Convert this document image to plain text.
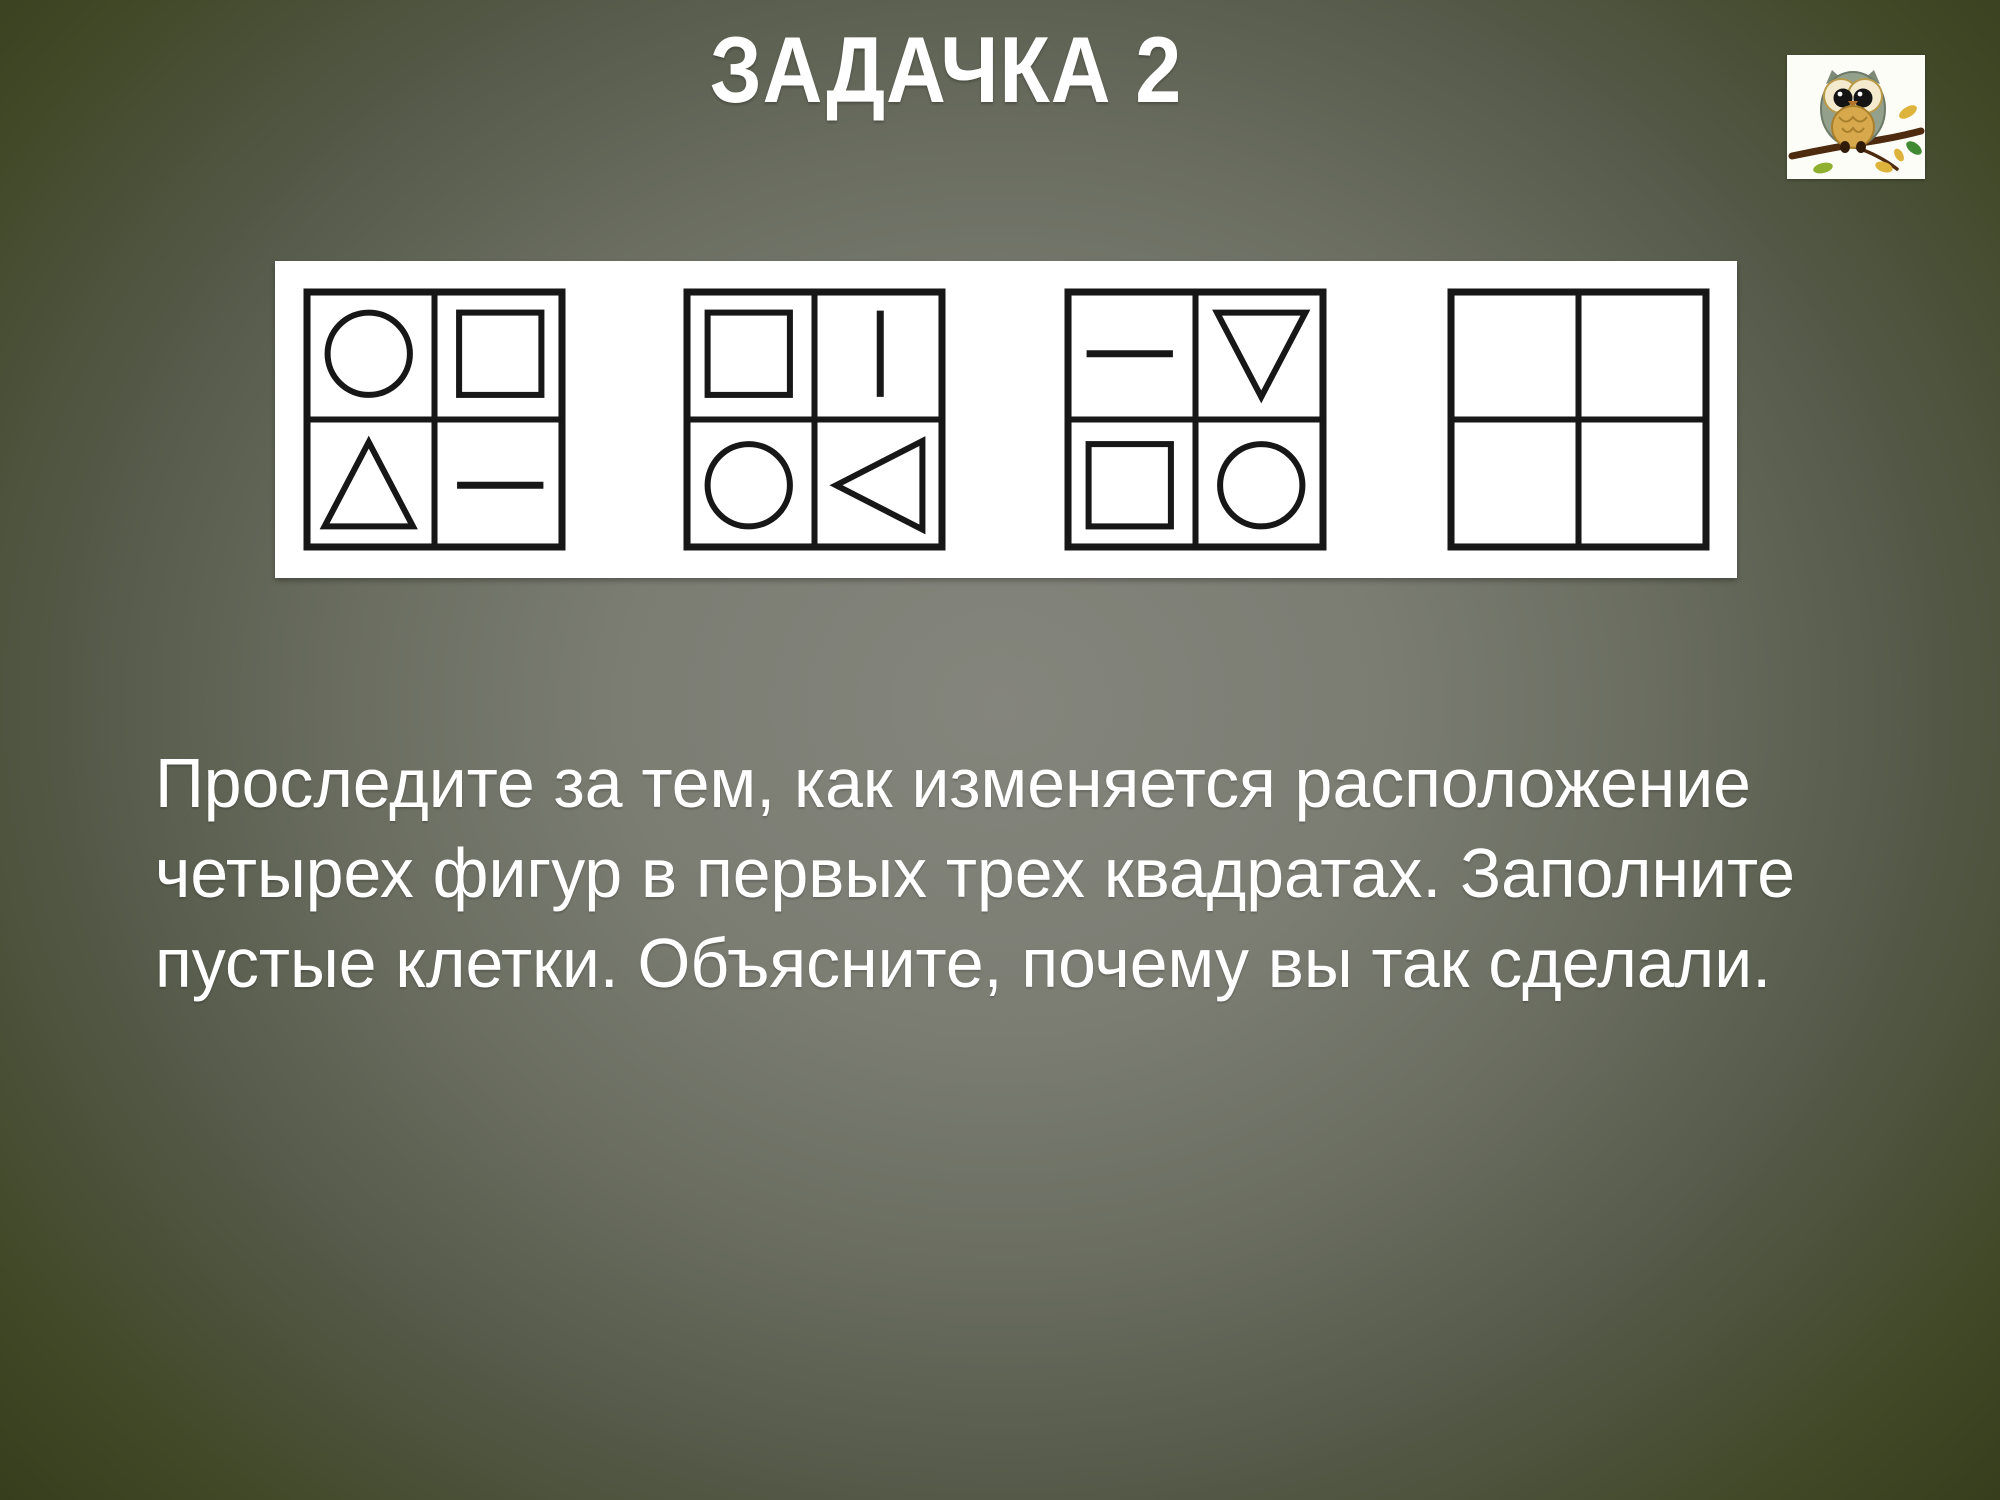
ЗАДАЧКА 2
Проследите за тем, как изменяется расположение
четырех фигур в первых трех квадратах. Заполните
пустые клетки. Объясните, почему вы так сделали.
